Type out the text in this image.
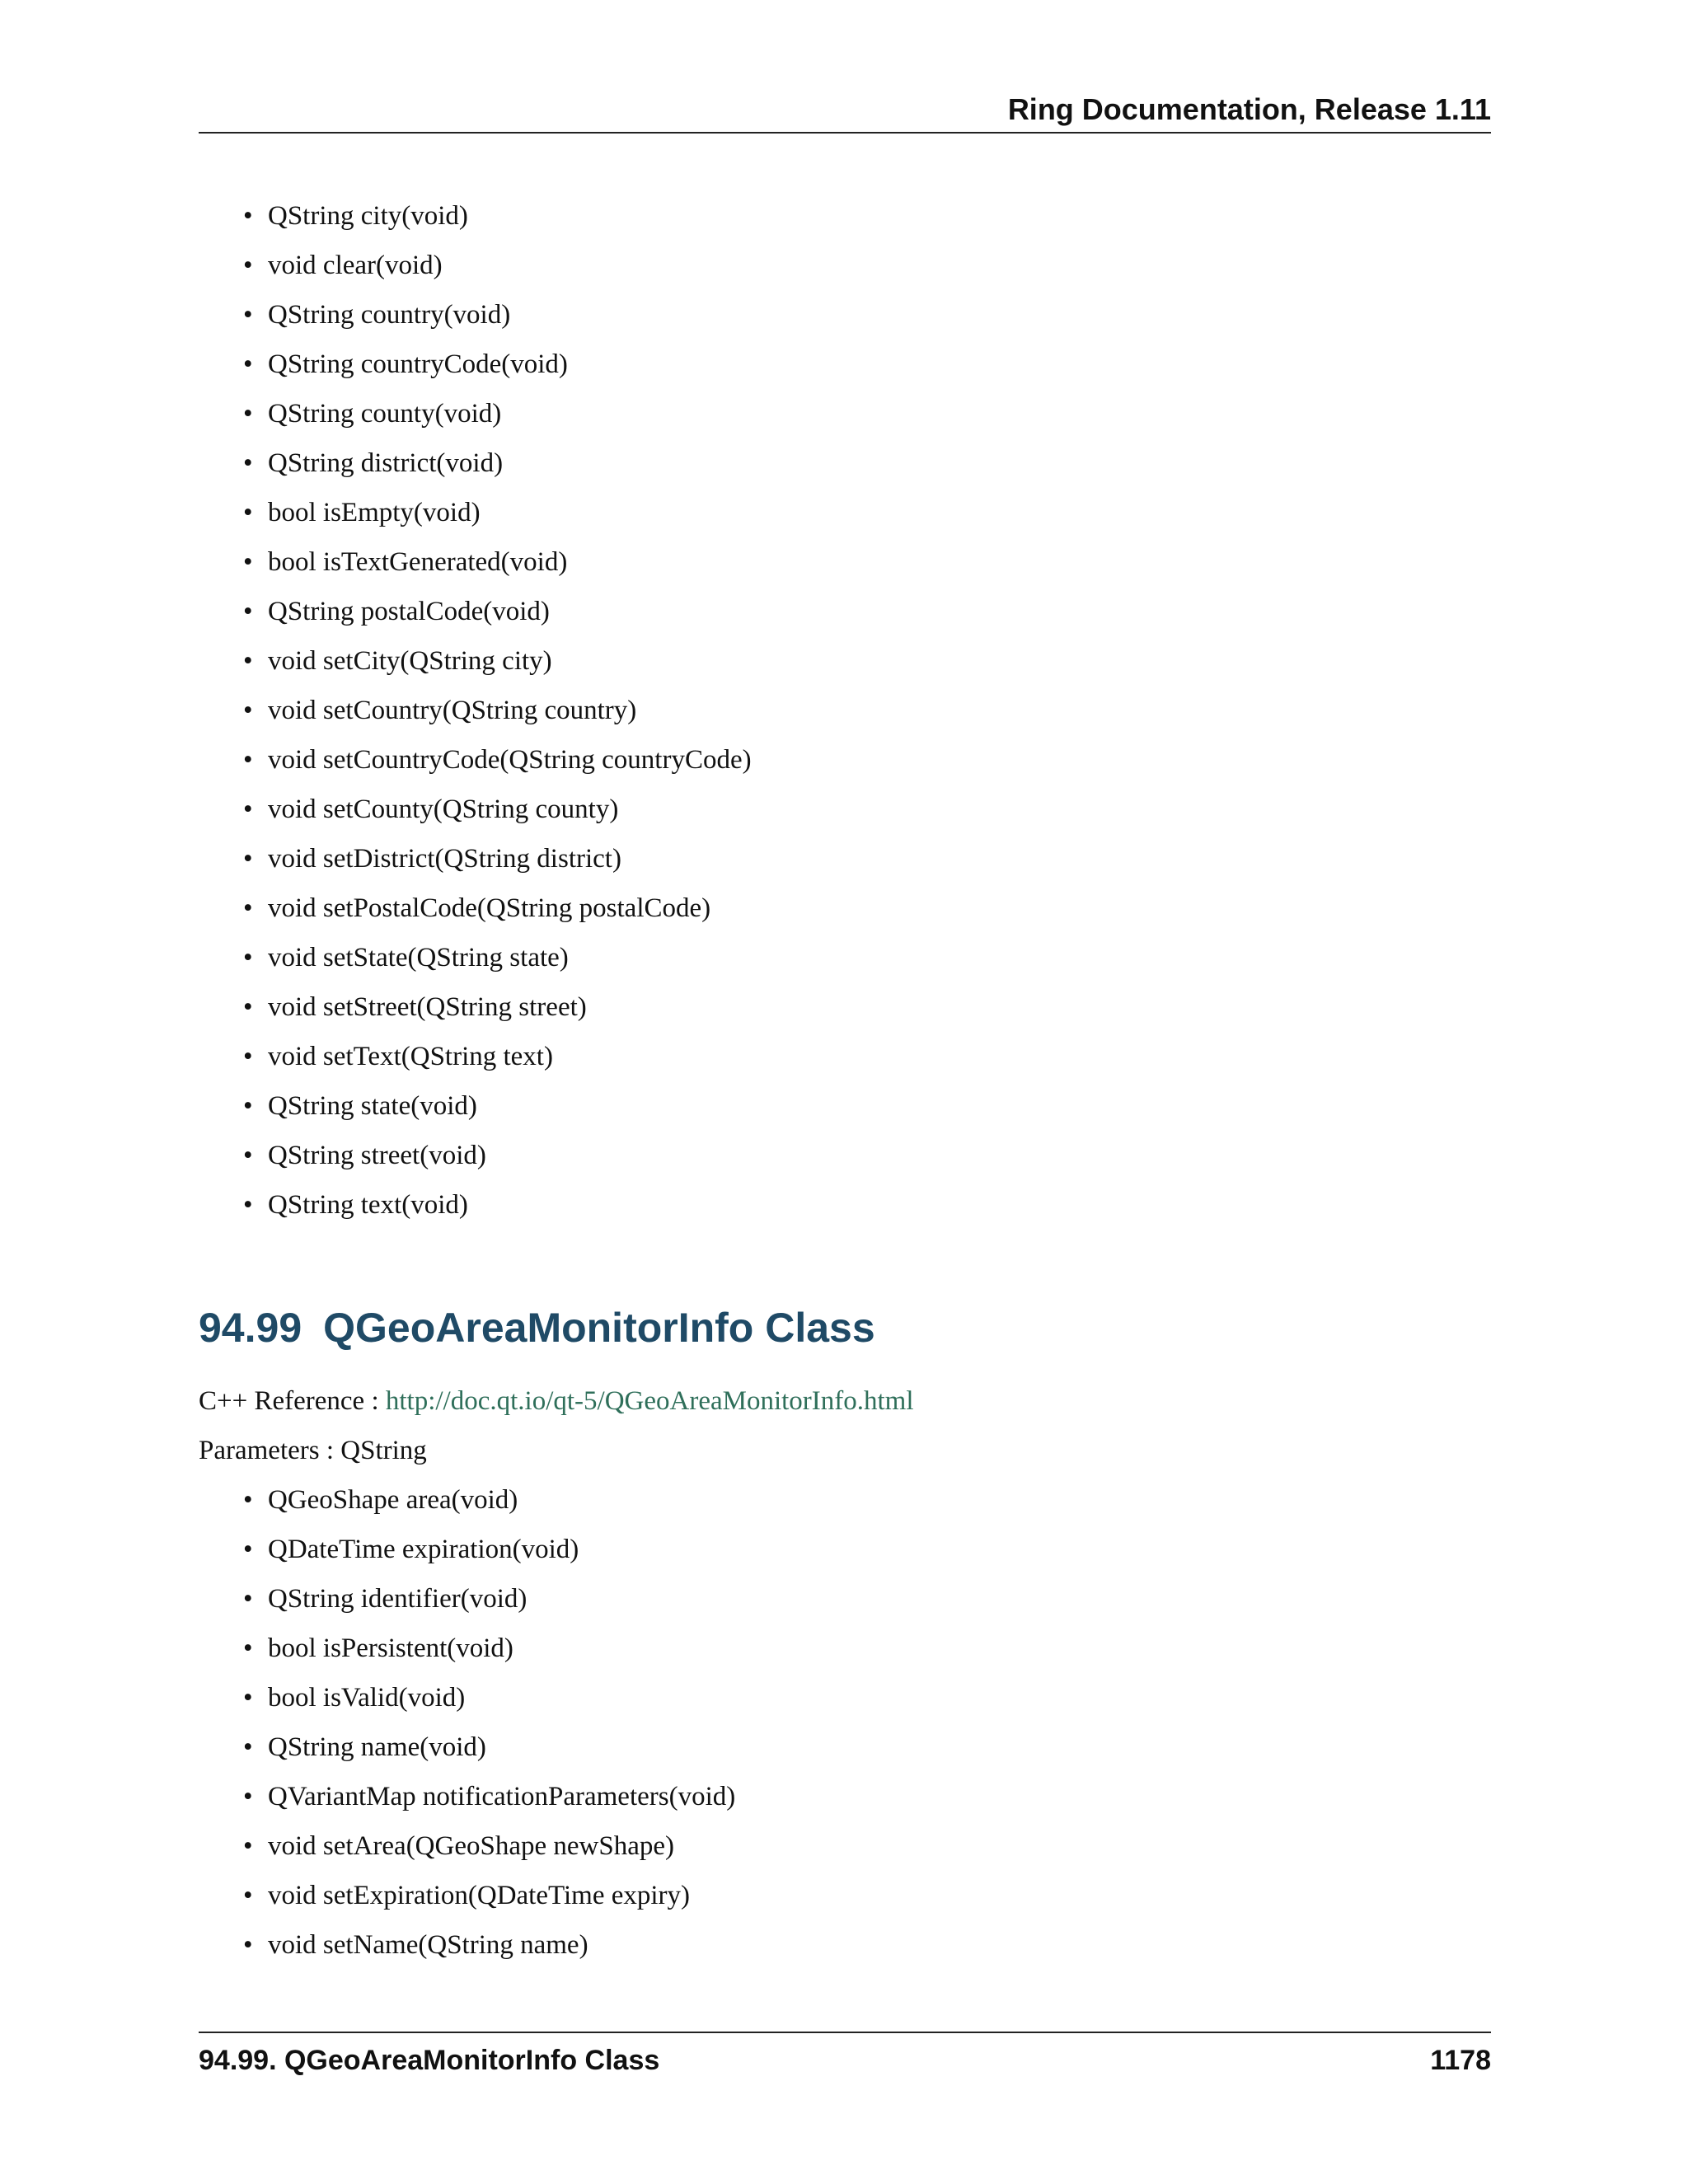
Ring Documentation, Release 1.11
• QString city(void)
• void clear(void)
• QString country(void)
• QString countryCode(void)
• QString county(void)
• QString district(void)
• bool isEmpty(void)
• bool isTextGenerated(void)
• QString postalCode(void)
• void setCity(QString city)
• void setCountry(QString country)
• void setCountryCode(QString countryCode)
• void setCounty(QString county)
• void setDistrict(QString district)
• void setPostalCode(QString postalCode)
• void setState(QString state)
• void setStreet(QString street)
• void setText(QString text)
• QString state(void)
• QString street(void)
• QString text(void)
94.99 QGeoAreaMonitorInfo Class
C++ Reference : http://doc.qt.io/qt-5/QGeoAreaMonitorInfo.html
Parameters : QString
• QGeoShape area(void)
• QDateTime expiration(void)
• QString identifier(void)
• bool isPersistent(void)
• bool isValid(void)
• QString name(void)
• QVariantMap notificationParameters(void)
• void setArea(QGeoShape newShape)
• void setExpiration(QDateTime expiry)
• void setName(QString name)
94.99. QGeoAreaMonitorInfo Class	1178
